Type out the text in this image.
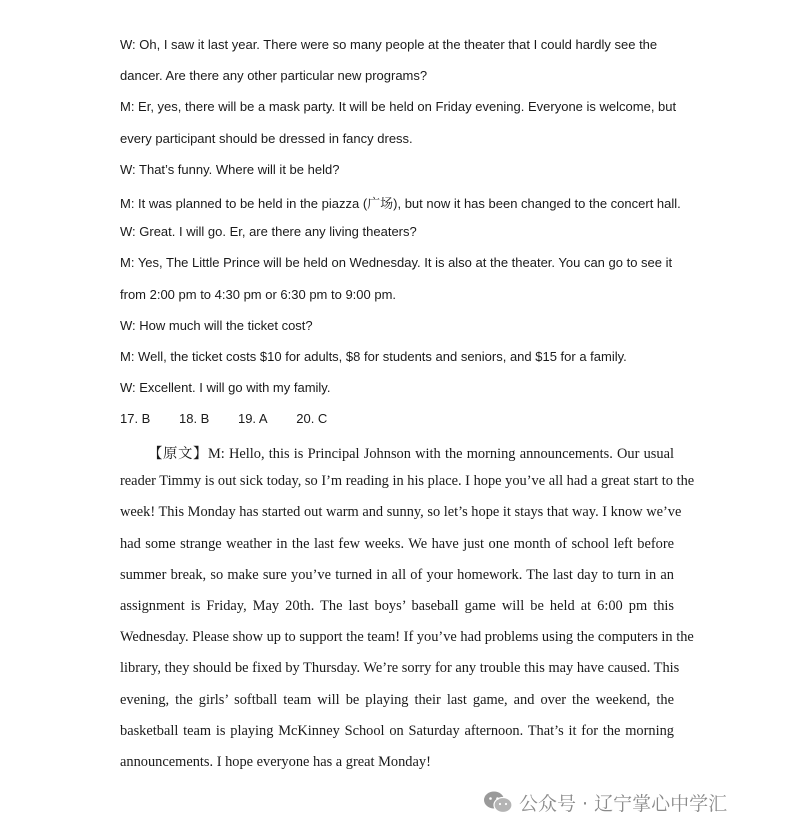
W: Oh, I saw it last year. There were so many people at the theater that I could hardly see the
dancer. Are there any other particular new programs?
M: Er, yes, there will be a mask party. It will be held on Friday evening. Everyone is welcome, but
every participant should be dressed in fancy dress.
W: That’s funny. Where will it be held?
M: It was planned to be held in the piazza (广场), but now it has been changed to the concert hall.
W: Great. I will go. Er, are there any living theaters?
M: Yes, The Little Prince will be held on Wednesday. It is also at the theater. You can go to see it
from 2:00 pm to 4:30 pm or 6:30 pm to 9:00 pm.
W: How much will the ticket cost?
M: Well, the ticket costs $10 for adults, $8 for students and seniors, and $15 for a family.
W: Excellent. I will go with my family.
17. B 18. B 19. A 20. C
【原文】M: Hello, this is Principal Johnson with the morning announcements. Our usual
reader Timmy is out sick today, so I’m reading in his place. I hope you’ve all had a great start to the
week! This Monday has started out warm and sunny, so let’s hope it stays that way. I know we’ve
had some strange weather in the last few weeks. We have just one month of school left before
summer break, so make sure you’ve turned in all of your homework. The last day to turn in an
assignment is Friday, May 20th. The last boys’ baseball game will be held at 6:00 pm this
Wednesday. Please show up to support the team! If you’ve had problems using the computers in the
library, they should be fixed by Thursday. We’re sorry for any trouble this may have caused. This
evening, the girls’ softball team will be playing their last game, and over the weekend, the
basketball team is playing McKinney School on Saturday afternoon. That’s it for the morning
announcements. I hope everyone has a great Monday!
公众号 · 辽宁掌心中学汇
